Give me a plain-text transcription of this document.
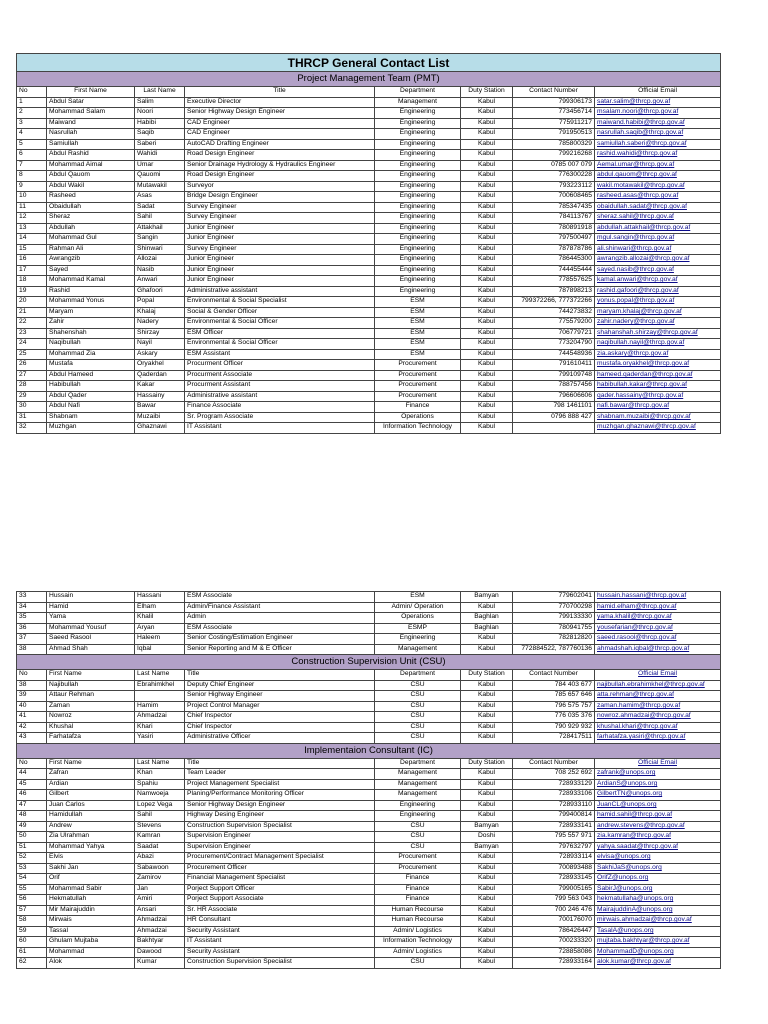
THRCP General Contact List							
Project Management Team (PMT)							
No	First Name	Last Name	Title	Department	Duty Station	Contact Number	Official Email
1	Abdul Satar	Salim	Executive Director	Management	Kabul	799306173	satar.salim@thrcp.gov.af
2	Mohammad Salam	Noori	Senior Highway Design Engineer	Engineering	Kabul	773456714	msalam.noori@thrcp.gov.af
3	Maiwand	Habibi	CAD Engineer	Engineering	Kabul	775911217	maiwand.habibi@thrcp.gov.af
4	Nasrullah	Saqib	CAD Engineer	Engineering	Kabul	791950513	nasrullah.saqib@thrcp.gov.af
5	Samiullah	Saberi	AutoCAD Drafting Engineer	Engineering	Kabul	785800329	samiullah.saberi@thrcp.gov.af
6	Abdul Rashid	Wahidi	Road Design Engineer	Engineering	Kabul	799216268	rashid.wahidi@thrcp.gov.af
7	Mohammad Aimal	Umar	Senior Drainage Hydrology & Hydraulics Engineer	Engineering	Kabul	0785 007 079	Aemal.umar@thrcp.gov.af
8	Abdul Qauom	Qauomi	Road Design Engineer	Engineering	Kabul	776300228	abdul.qauom@thrcp.gov.af
9	Abdul Wakil	Mutawakil	Surveyor	Engineering	Kabul	793223112	wakil.motawakil@thrcp.gov.af
10	Rasheed	Asas	Bridge Design Engineer	Engineering	Kabul	700608465	rasheed.asas@thrcp.gov.af
11	Obaidullah	Sadat	Survey Engineer	Engineering	Kabul	785347435	obaidullah.sadat@thrcp.gov.af
12	Sheraz	Sahil	Survey Engineer	Engineering	Kabul	784113767	sheraz.sahil@thrcp.gov.af
13	Abdullah	Attakhail	Junior Engineer	Engineering	Kabul	780891918	abdullah.attakhail@thrcp.gov.af
14	Mohammad Gul	Sangin	Junior Engineer	Engineering	Kabul	797500497	mgul.sangin@thrcp.gov.af
15	Rahman Ali	Shinwari	Survey Engineer	Engineering	Kabul	787878786	ali.shinwari@thrcp.gov.af
16	Awrangzib	Allozai	Junior Engineer	Engineering	Kabul	786445300	awrangzib.allozai@thrcp.gov.af
17	Sayed	Nasib	Junior Engineer	Engineering	Kabul	744455444	sayed.nasib@thrcp.gov.af
18	Mohammad Kamal	Anwari	Junior Engineer	Engineering	Kabul	778557625	kamal.anwari@thrcp.gov.af
19	Rashid	Ghafoori	Administrative assistant	Engineering	Kabul	787898213	rashid.gafoori@thrcp.gov.af
20	Mohammad Yonus	Popal	Environmental & Social Specialist	ESM	Kabul	799372266, 777372266	yonus.popal@thrcp.gov.af
21	Maryam	Khalaj	Social & Gender Officer	ESM	Kabul	744273832	maryam.khalaj@thrcp.gov.af
22	Zahir	Nadery	Environmental & Social Officer	ESM	Kabul	775579200	zahir.nadery@thrcp.gov.af
23	Shahenshah	Shirzay	ESM Officer	ESM	Kabul	706779721	shahanshah.shirzay@thrcp.gov.af
24	Naqibullah	Nayil	Environmental & Social Officer	ESM	Kabul	773204790	naqibullah.nayil@thrcp.gov.af
25	Mohammad Zia	Askary	ESM Assistant	ESM	Kabul	744548936	zia.askary@thrcp.gov.af
26	Mustafa	Oryakhel	Procurment Officer	Procurement	Kabul	791610411	mustafa.oryakhel@thrcp.gov.af
27	Abdul Hameed	Qaderdan	Procurment Associate	Procurement	Kabul	799109748	hameed.qaderdan@thrcp.gov.af
28	Habibullah	Kakar	Procurment Assistant	Procurement	Kabul	788757456	habibullah.kakar@thrcp.gov.af
29	Abdul Qader	Hassainy	Administrative assistant	Procurement	Kabul	796606606	qader.hassainy@thrcp.gov.af
30	Abdul Nafi	Bawar	Finance Associate	Finance	Kabul	798 1461101	nafi.bawar@thrcp.gov.af
31	Shabnam	Muzaibi	Sr. Program Associate	Operations	Kabul	0796 888 427	shabnam.muzaibi@thrcp.gov.af
32	Muzhgan	Ghaznawi	IT Assistant	Information Technology	Kabul		muzhgan.ghaznawi@thrcp.gov.af
33	Hussain	Hassani	ESM Associate	ESM	Bamyan	779602041	hussain.hassani@thrcp.gov.af
34	Hamid	Elham	Admin/Finance Assistant	Admin/ Operation	Kabul	770700298	hamid.elham@thrcp.gov.af
35	Yama	Khalil	Admin	Operations	Baghlan	799133330	yama.khalil@thrcp.gov.af
36	Mohammad Yousuf	Aryan	ESM Associate	ESMP	Baghlan	780941755	yousefarian@thrcp.gov.af
37	Saeed Rasool	Haleem	Senior Costing/Estimation Engineer	Engineering	Kabul	782812820	saeed.rasool@thrcp.gov.af
38	Ahmad Shah	Iqbal	Senior Reporting and M & E Officer	Management	Kabul	772884522, 787760136	ahmadshah.iqbal@thrcp.gov.af
Construction Supervision Unit (CSU)							
No	First Name	Last Name	Title	Department	Duty Station	Contact Number	Official Email
38	Najibullah	Ebrahimkhel	Deputy Chief Engineer	CSU	Kabul	784 403 677	najibullah.ebrahimkhel@thrcp.gov.af
39	Attaur Rehman		Senior Highway Engineer	CSU	Kabul	785 657 646	atta.rehman@thrcp.gov.af
40	Zaman	Hamim	Project Control Manager	CSU	Kabul	796 575 757	zaman.hamim@thrcp.gov.af
41	Nowroz	Ahmadzai	Chief Inspector	CSU	Kabul	776 035 376	nowroz.ahmadzai@thrcp.gov.af
42	Khushal	Khari	Chief Inspector	CSU	Kabul	790 929 932	khushal.khari@thrcp.gov.af
43	Farhatafza	Yasiri	Administrative Officer	CSU	Kabul	728417511	farhatafza.yasiri@thrcp.gov.af
Implementaion Consultant (IC)							
No	First Name	Last Name	Title	Department	Duty Station	Contact Number	Official Email
44	Zafran	Khan	Team Leader	Management	Kabul	708 252 692	zafrank@unops.org
45	Ardian	Spahiu	Project Management Specialist	Management	Kabul	728933129	ArdianS@unops.org
46	Gilbert	Namwoeja	Planing/Performance Monitoring Officer	Management	Kabul	728933106	GilbertTN@unops.org
47	Juan Carlos	Lopez Vega	Senior Highway Design Engineer	Engineering	Kabul	728933110	JuanCL@unops.org
48	Hamidullah	Sahil	Highway Desing Engineer	Engineering	Kabul	799400814	hamid.sahil@thrcp.gov.af
49	Andrew	Stevens	Construction Supervision Specialist	CSU	Bamyan	728933141	andrew.stevens@thrcp.gov.af
50	Zia Ulrahman	Kamran	Supervision Engineer	CSU	Doshi	795 557 971	zia.kamran@thrcp.gov.af
51	Mohammad Yahya	Saadat	Supervision Engineer	CSU	Bamyan	797632797	yahya.saadat@thrcp.gov.af
52	Elvis	Abazi	Procurement/Contract Management Specialist	Procurement	Kabul	728933114	elvisa@unops.org
53	Sakhi Jan	Sabawoon	Procurement Officer	Procurement	Kabul	700893488	SakhiJaS@unops.org
54	Orif	Zamirov	Financial Management Specialist	Finance	Kabul	728933145	OrifZ@unops.org
55	Mohammad Sabir	Jan	Porject Support Officer	Finance	Kabul	799005165	SabirJ@unops.org
56	Hekmatullah	Amiri	Porject Support Associate	Finance	Kabul	799 563 043	hekmatullaha@unops.org
57	Mir Mairajuddin	Ansari	Sr. HR Associate	Human Recourse	Kabul	700 246 476	MairajuddinA@unops.org
58	Mirwais	Ahmadzai	HR Consultant	Human Recourse	Kabul	700176070	mirwais.ahmadzai@thrcp.gov.af
59	Tassal	Ahmadzai	Security Assistant	Admin/ Logistics	Kabul	786426447	TasalA@unops.org
60	Ghulam Mujtaba	Bakhtyar	IT Assistant	Information Technology	Kabul	700233320	mujtaba.bakhtyar@thrcp.gov.af
61	Mohammad	Dawood	Security Assistant	Admin/ Logistics	Kabul	728858086	MohammadD@unops.org
62	Alok	Kumar	Construction Supervision Specialist	CSU	Kabul	728933164	alok.kumar@thrcp.gov.af
